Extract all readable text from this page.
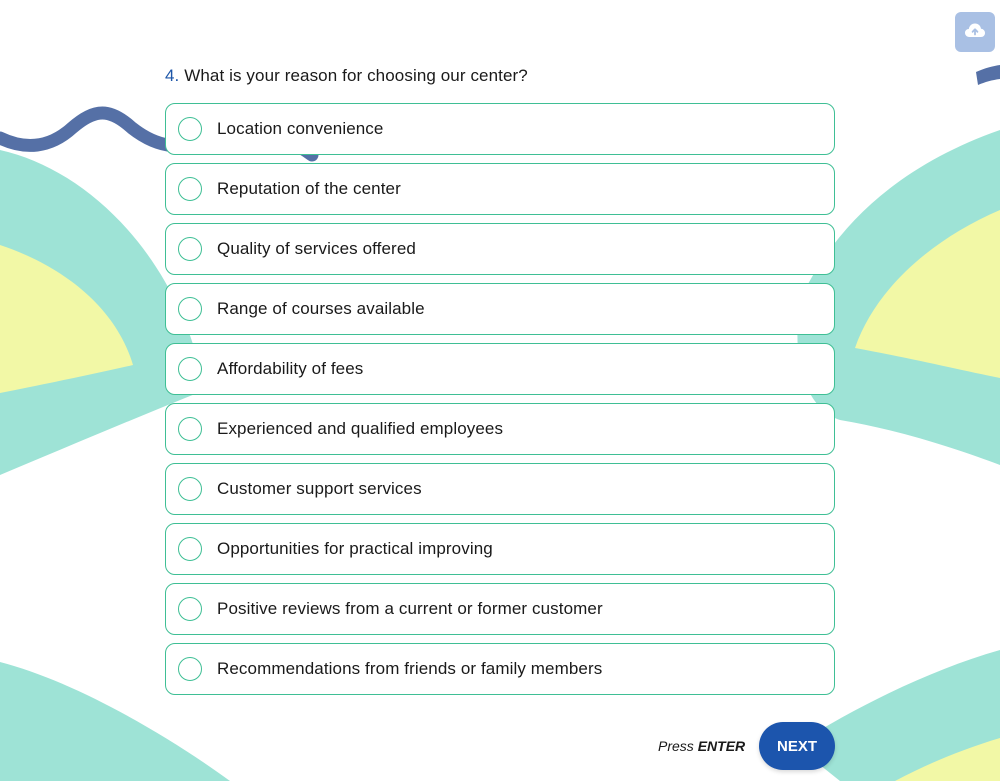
4. What is your reason for choosing our center?
Location convenience
Reputation of the center
Quality of services offered
Range of courses available
Affordability of fees
Experienced and qualified employees
Customer support services
Opportunities for practical improving
Positive reviews from a current or former customer
Recommendations from friends or family members
Press ENTER	NEXT
